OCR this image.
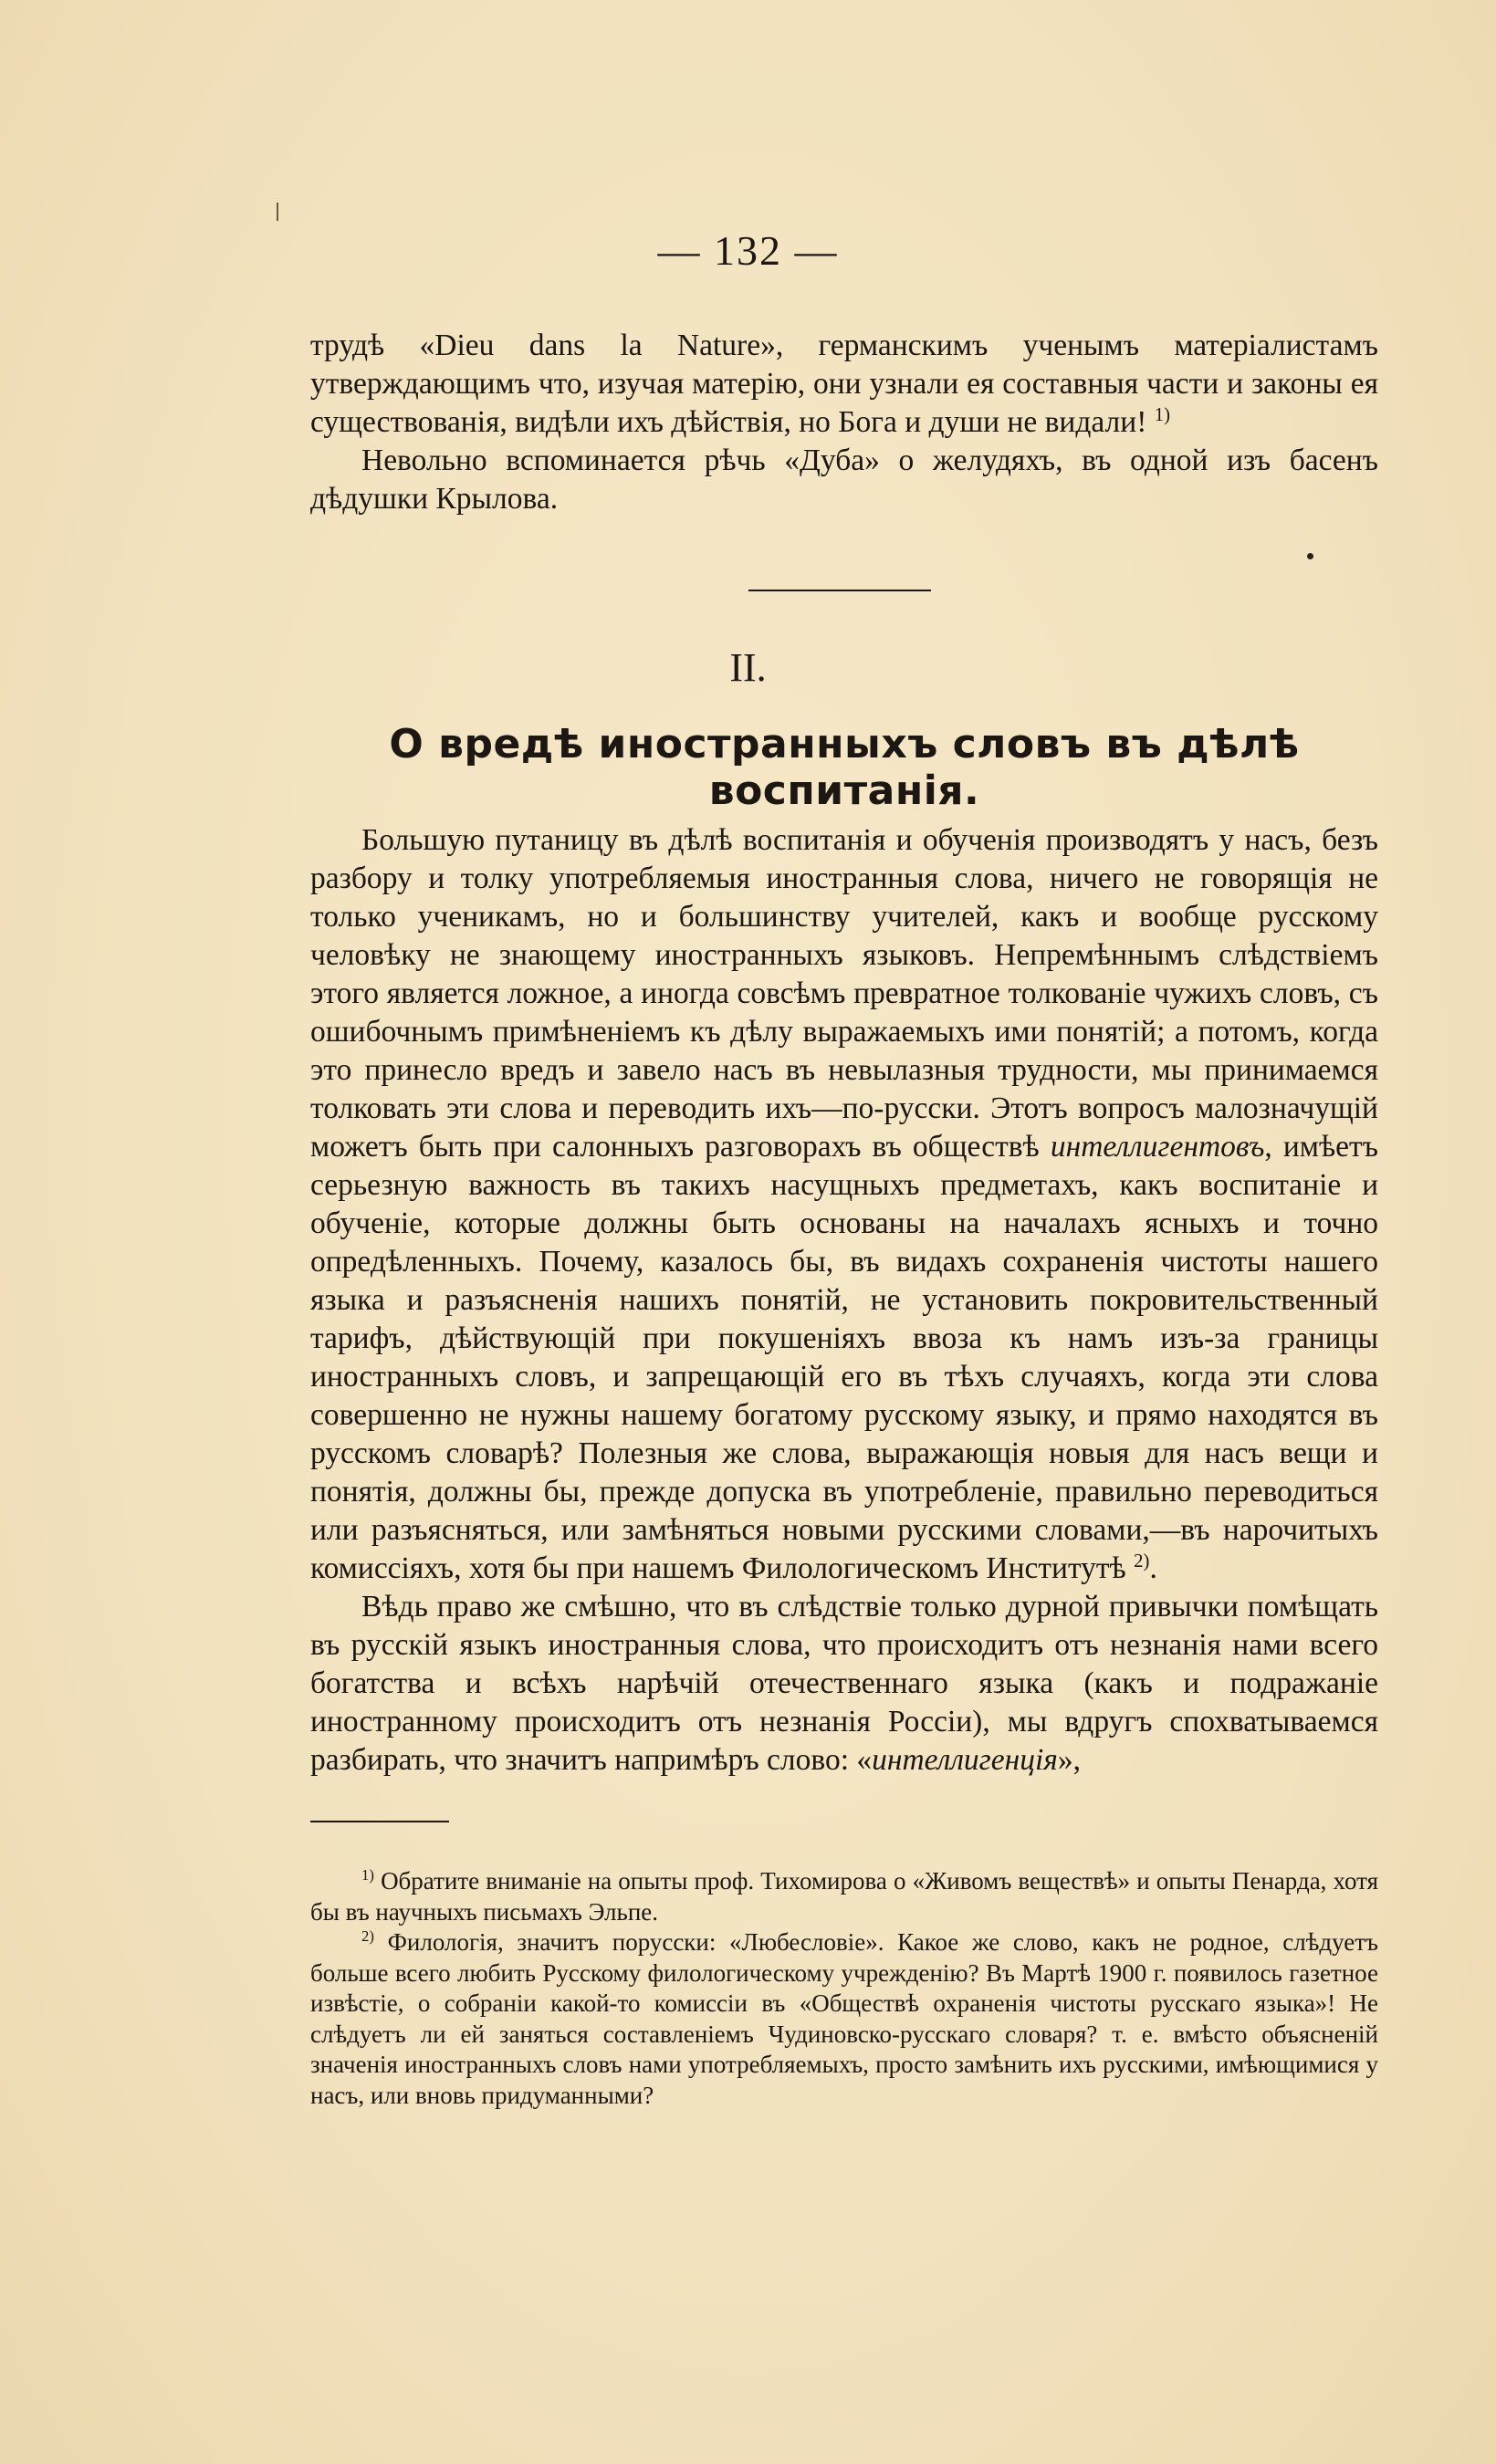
— 132 —

трудѣ «Dieu dans la Nature», германскимъ ученымъ матеріалистамъ утверждающимъ что, изучая матерію, они узнали ея составныя части и законы ея существованія, видѣли ихъ дѣйствія, но Бога и души не видали! $^{1)}$

Невольно вспоминается рѣчь «Дуба» о желудяхъ, въ одной изъ басенъ дѣдушки Крылова.

II.
О вредѣ иностранныхъ словъ въ дѣлѣ воспитанія.

Большую путаницу въ дѣлѣ воспитанія и обученія производятъ у насъ, безъ разбору и толку употребляемыя иностранныя слова, ничего не говорящія не только ученикамъ, но и большинству учителей, какъ и вообще русскому человѣку не знающему иностранныхъ языковъ. Непремѣннымъ слѣдствіемъ этого является ложное, а иногда совсѣмъ превратное толкованіе чужихъ словъ, съ ошибочнымъ примѣненіемъ къ дѣлу выражаемыхъ ими понятій; а потомъ, когда это принесло вредъ и завело насъ въ невылазныя трудности, мы принимаемся толковать эти слова и переводить ихъ—по-русски. Этотъ вопросъ малозначущій можетъ быть при салонныхъ разговорахъ въ обществѣ интеллигентовъ, имѣетъ серьезную важность въ такихъ насущныхъ предметахъ, какъ воспитаніе и обученіе, которые должны быть основаны на началахъ ясныхъ и точно опредѣленныхъ. Почему, казалось бы, въ видахъ сохраненія чистоты нашего языка и разъясненія нашихъ понятій, не установить покровительственный тарифъ, дѣйствующій при покушеніяхъ ввоза къ намъ изъ-за границы иностранныхъ словъ, и запрещающій его въ тѣхъ случаяхъ, когда эти слова совершенно не нужны нашему богатому русскому языку, и прямо находятся въ русскомъ словарѣ? Полезныя же слова, выражающія новыя для насъ вещи и понятія, должны бы, прежде допуска въ употребленіе, правильно переводиться или разъясняться, или замѣняться новыми русскими словами,—въ нарочитыхъ комиссіяхъ, хотя бы при нашемъ Филологическомъ Институтѣ $^{2)}$.

Вѣдь право же смѣшно, что въ слѣдствіе только дурной привычки помѣщать въ русскій языкъ иностранныя слова, что происходитъ отъ незнанія нами всего богатства и всѣхъ нарѣчій отечественнаго языка (какъ и подражаніе иностранному происходитъ отъ незнанія Россіи), мы вдругъ спохватываемся разбирать, что значитъ напримѣръ слово: «интеллигенція»,

$^{1)}$ Обратите вниманіе на опыты проф. Тихомирова о «Живомъ веществѣ» и опыты Пенарда, хотя бы въ научныхъ письмахъ Эльпе.

$^{2)}$ Филологія, значитъ порусски: «Любесловіе». Какое же слово, какъ не родное, слѣдуетъ больше всего любить Русскому филологическому учрежденію? Въ Мартѣ 1900 г. появилось газетное извѣстіе, о собраніи какой-то комиссіи въ «Обществѣ охраненія чистоты русскаго языка»! Не слѣдуетъ ли ей заняться составленіемъ Чудиновско-русскаго словаря? т. е. вмѣсто объясненій значенія иностранныхъ словъ нами употребляемыхъ, просто замѣнить ихъ русскими, имѣющимися у насъ, или вновь придуманными?
